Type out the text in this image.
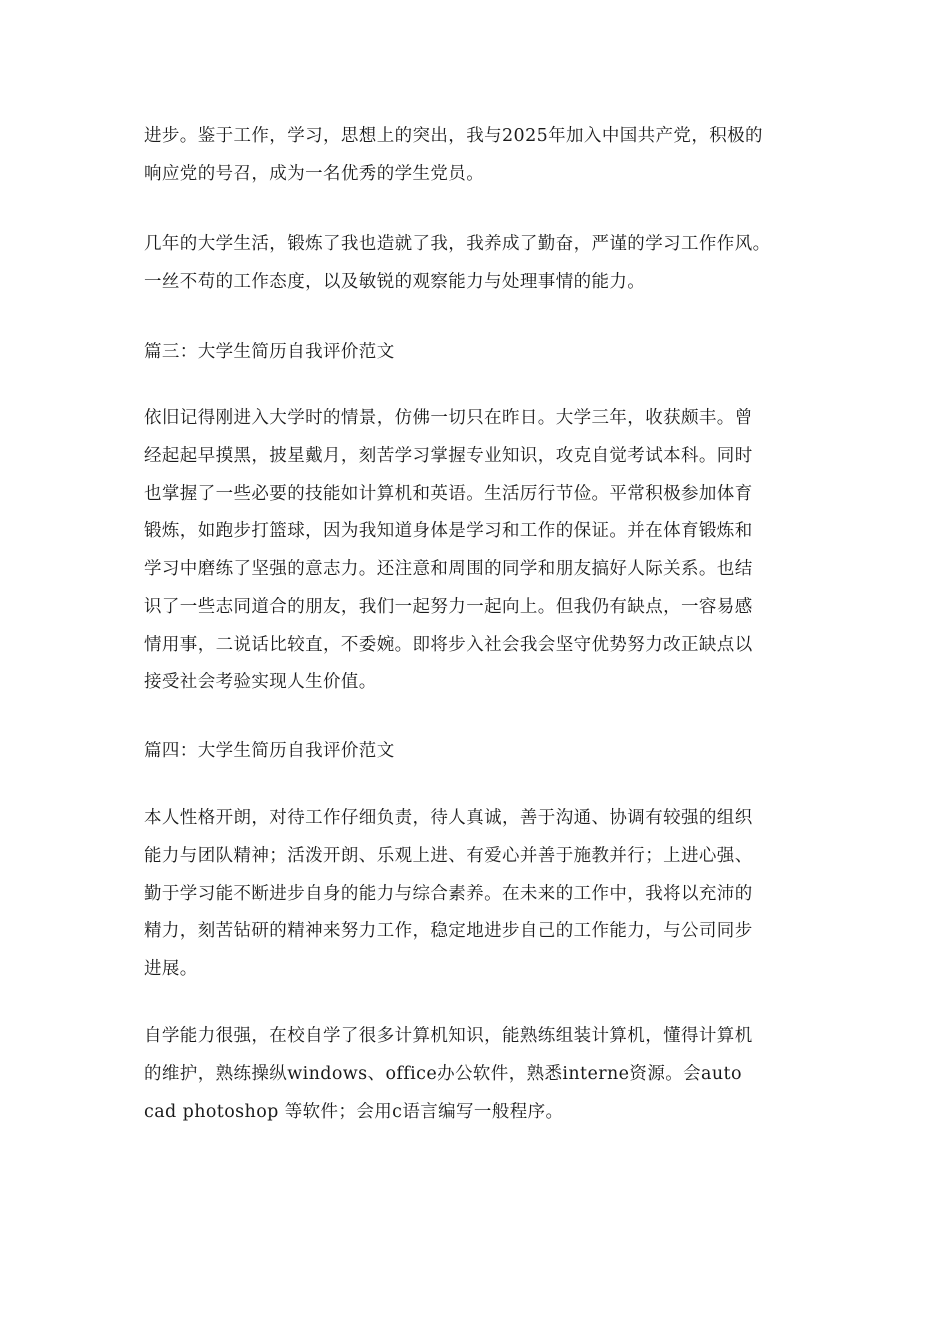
进步。鉴于工作，学习，思想上的突出，我与2025年加入中国共产党，积极的
响应党的号召，成为一名优秀的学生党员。
几年的大学生活，锻炼了我也造就了我，我养成了勤奋，严谨的学习工作作风。
一丝不苟的工作态度，以及敏锐的观察能力与处理事情的能力。
篇三：大学生简历自我评价范文
依旧记得刚进入大学时的情景，仿佛一切只在昨日。大学三年，收获颇丰。曾
经起起早摸黑，披星戴月，刻苦学习掌握专业知识，攻克自觉考试本科。同时
也掌握了一些必要的技能如计算机和英语。生活厉行节俭。平常积极参加体育
锻炼，如跑步打篮球，因为我知道身体是学习和工作的保证。并在体育锻炼和
学习中磨练了坚强的意志力。还注意和周围的同学和朋友搞好人际关系。也结
识了一些志同道合的朋友，我们一起努力一起向上。但我仍有缺点，一容易感
情用事，二说话比较直，不委婉。即将步入社会我会坚守优势努力改正缺点以
接受社会考验实现人生价值。
篇四：大学生简历自我评价范文
本人性格开朗，对待工作仔细负责，待人真诚，善于沟通、协调有较强的组织
能力与团队精神；活泼开朗、乐观上进、有爱心并善于施教并行；上进心强、
勤于学习能不断进步自身的能力与综合素养。在未来的工作中，我将以充沛的
精力，刻苦钻研的精神来努力工作，稳定地进步自己的工作能力，与公司同步
进展。
自学能力很强，在校自学了很多计算机知识，能熟练组装计算机，懂得计算机
的维护，熟练操纵windows、office办公软件，熟悉interne资源。会auto
cad photoshop 等软件；会用c语言编写一般程序。
